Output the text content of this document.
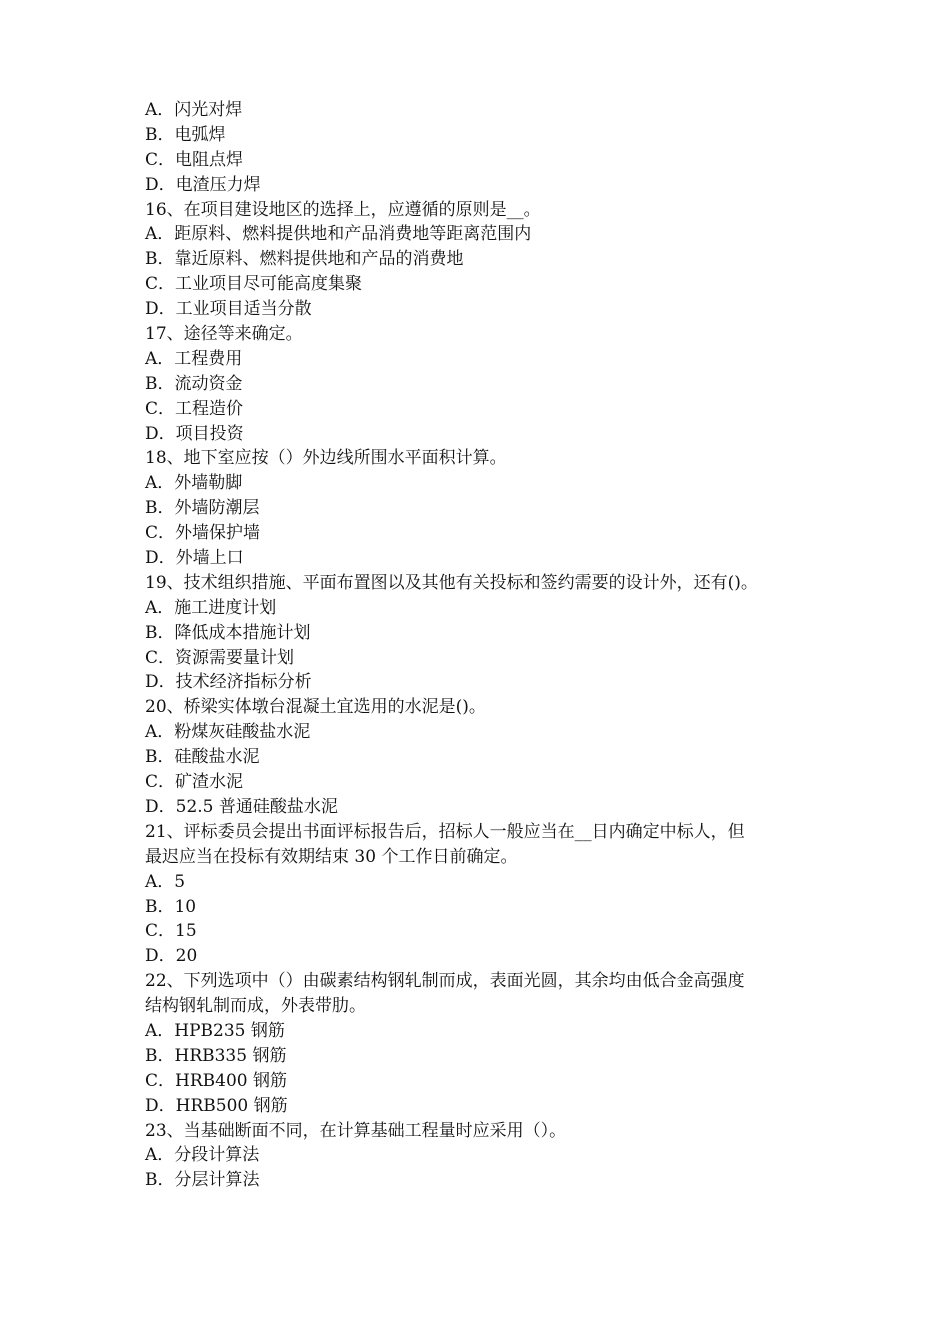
A．闪光对焊
B．电弧焊
C．电阻点焊
D．电渣压力焊
16、在项目建设地区的选择上，应遵循的原则是__。
A．距原料、燃料提供地和产品消费地等距离范围内
B．靠近原料、燃料提供地和产品的消费地
C．工业项目尽可能高度集聚
D．工业项目适当分散
17、途径等来确定。
A．工程费用
B．流动资金
C．工程造价
D．项目投资
18、地下室应按（）外边线所围水平面积计算。
A．外墙勒脚
B．外墙防潮层
C．外墙保护墙
D．外墙上口
19、技术组织措施、平面布置图以及其他有关投标和签约需要的设计外，还有()。
A．施工进度计划
B．降低成本措施计划
C．资源需要量计划
D．技术经济指标分析
20、桥梁实体墩台混凝土宜选用的水泥是()。
A．粉煤灰硅酸盐水泥
B．硅酸盐水泥
C．矿渣水泥
D．52.5 普通硅酸盐水泥
21、评标委员会提出书面评标报告后，招标人一般应当在__日内确定中标人，但
最迟应当在投标有效期结束 30 个工作日前确定。
A．5
B．10
C．15
D．20
22、下列选项中（）由碳素结构钢轧制而成，表面光圆，其余均由低合金高强度
结构钢轧制而成，外表带肋。
A．HPB235 钢筋
B．HRB335 钢筋
C．HRB400 钢筋
D．HRB500 钢筋
23、当基础断面不同，在计算基础工程量时应采用（）。
A．分段计算法
B．分层计算法
